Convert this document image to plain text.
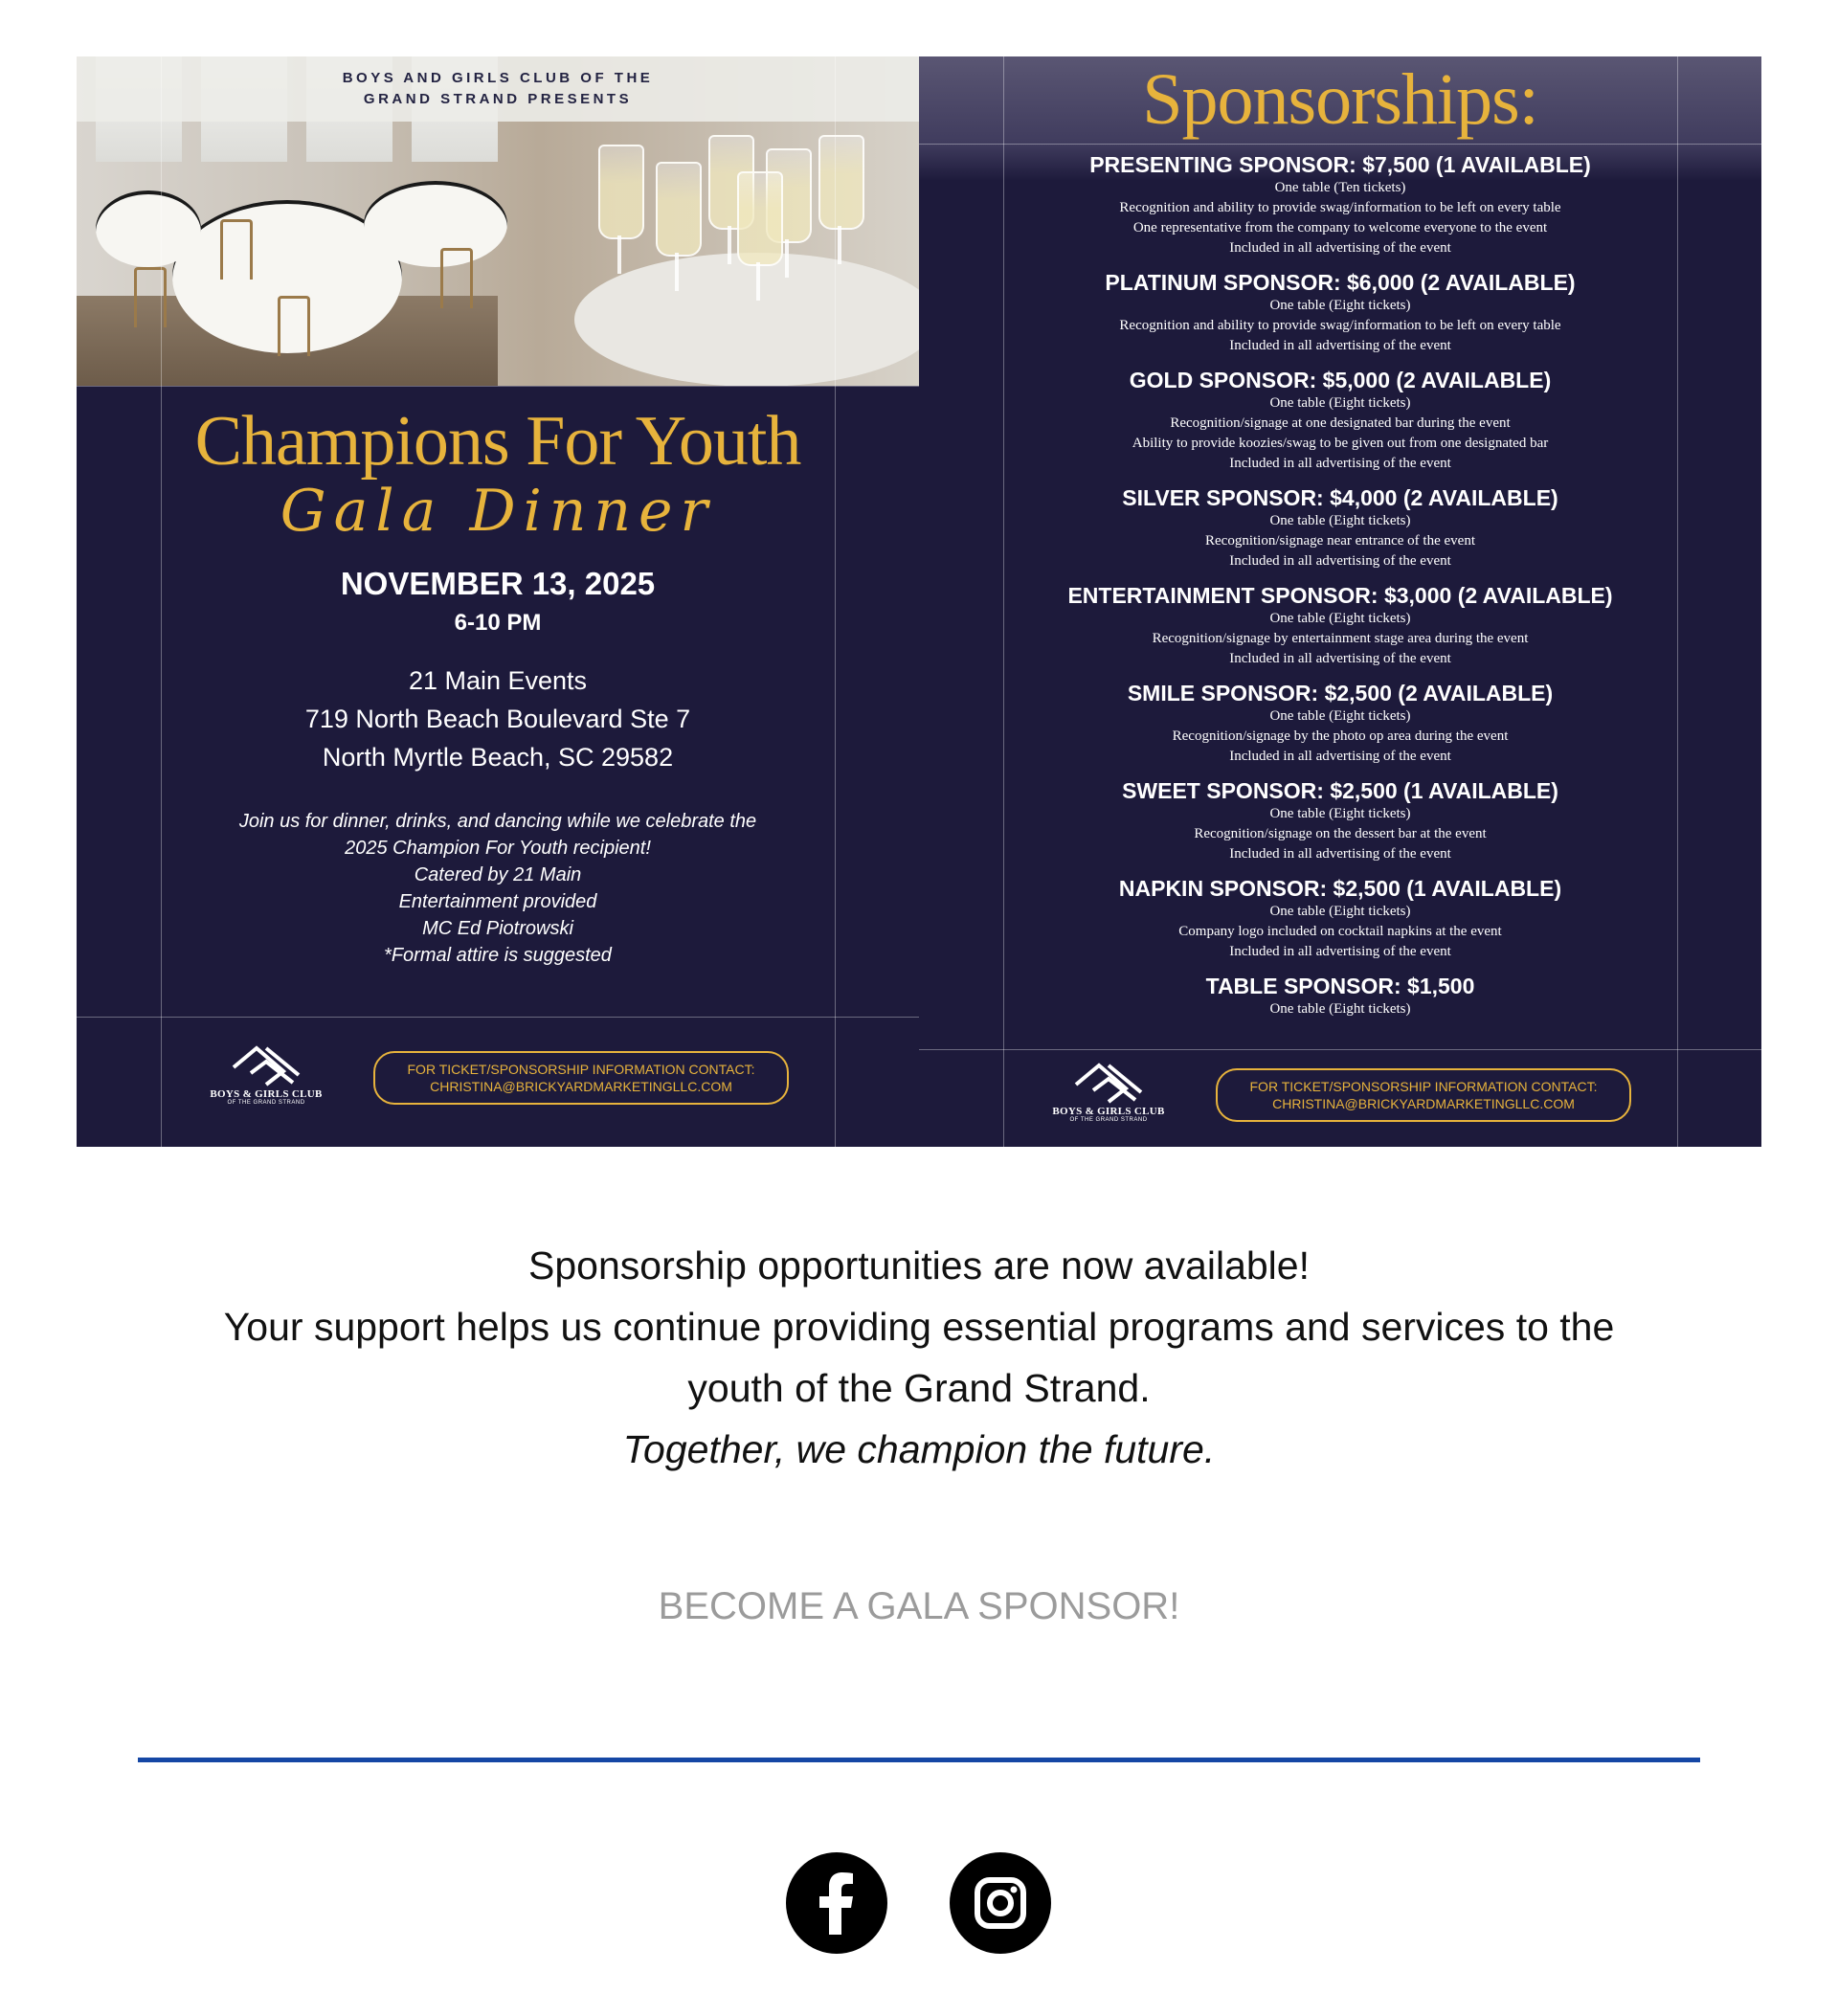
BOYS AND GIRLS CLUB OF THE
GRAND STRAND PRESENTS
Champions For Youth
Gala Dinner
NOVEMBER 13, 2025
6-10 PM
21 Main Events
719 North Beach Boulevard Ste 7
North Myrtle Beach, SC 29582
Join us for dinner, drinks, and dancing while we celebrate the
2025 Champion For Youth recipient!
Catered by 21 Main
Entertainment provided
MC Ed Piotrowski
*Formal attire is suggested
BOYS & GIRLS CLUB
OF THE GRAND STRAND
FOR TICKET/SPONSORSHIP INFORMATION CONTACT:
CHRISTINA@BRICKYARDMARKETINGLLC.COM
Sponsorships:
PRESENTING SPONSOR: $7,500 (1 AVAILABLE)
One table (Ten tickets)
Recognition and ability to provide swag/information to be left on every table
One representative from the company to welcome everyone to the event
Included in all advertising of the event
PLATINUM SPONSOR: $6,000 (2 AVAILABLE)
One table (Eight tickets)
Recognition and ability to provide swag/information to be left on every table
Included in all advertising of the event
GOLD SPONSOR: $5,000 (2 AVAILABLE)
One table (Eight tickets)
Recognition/signage at one designated bar during the event
Ability to provide koozies/swag to be given out from one designated bar
Included in all advertising of the event
SILVER SPONSOR: $4,000 (2 AVAILABLE)
One table (Eight tickets)
Recognition/signage near entrance of the event
Included in all advertising of the event
ENTERTAINMENT SPONSOR: $3,000 (2 AVAILABLE)
One table (Eight tickets)
Recognition/signage by entertainment stage area during the event
Included in all advertising of the event
SMILE SPONSOR: $2,500 (2 AVAILABLE)
One table (Eight tickets)
Recognition/signage by the photo op area during the event
Included in all advertising of the event
SWEET SPONSOR: $2,500 (1 AVAILABLE)
One table (Eight tickets)
Recognition/signage on the dessert bar at the event
Included in all advertising of the event
NAPKIN SPONSOR: $2,500 (1 AVAILABLE)
One table (Eight tickets)
Company logo included on cocktail napkins at the event
Included in all advertising of the event
TABLE SPONSOR: $1,500
One table (Eight tickets)
BOYS & GIRLS CLUB
OF THE GRAND STRAND
FOR TICKET/SPONSORSHIP INFORMATION CONTACT:
CHRISTINA@BRICKYARDMARKETINGLLC.COM
Sponsorship opportunities are now available!
Your support helps us continue providing essential programs and services to the
youth of the Grand Strand.
Together, we champion the future.
BECOME A GALA SPONSOR!
